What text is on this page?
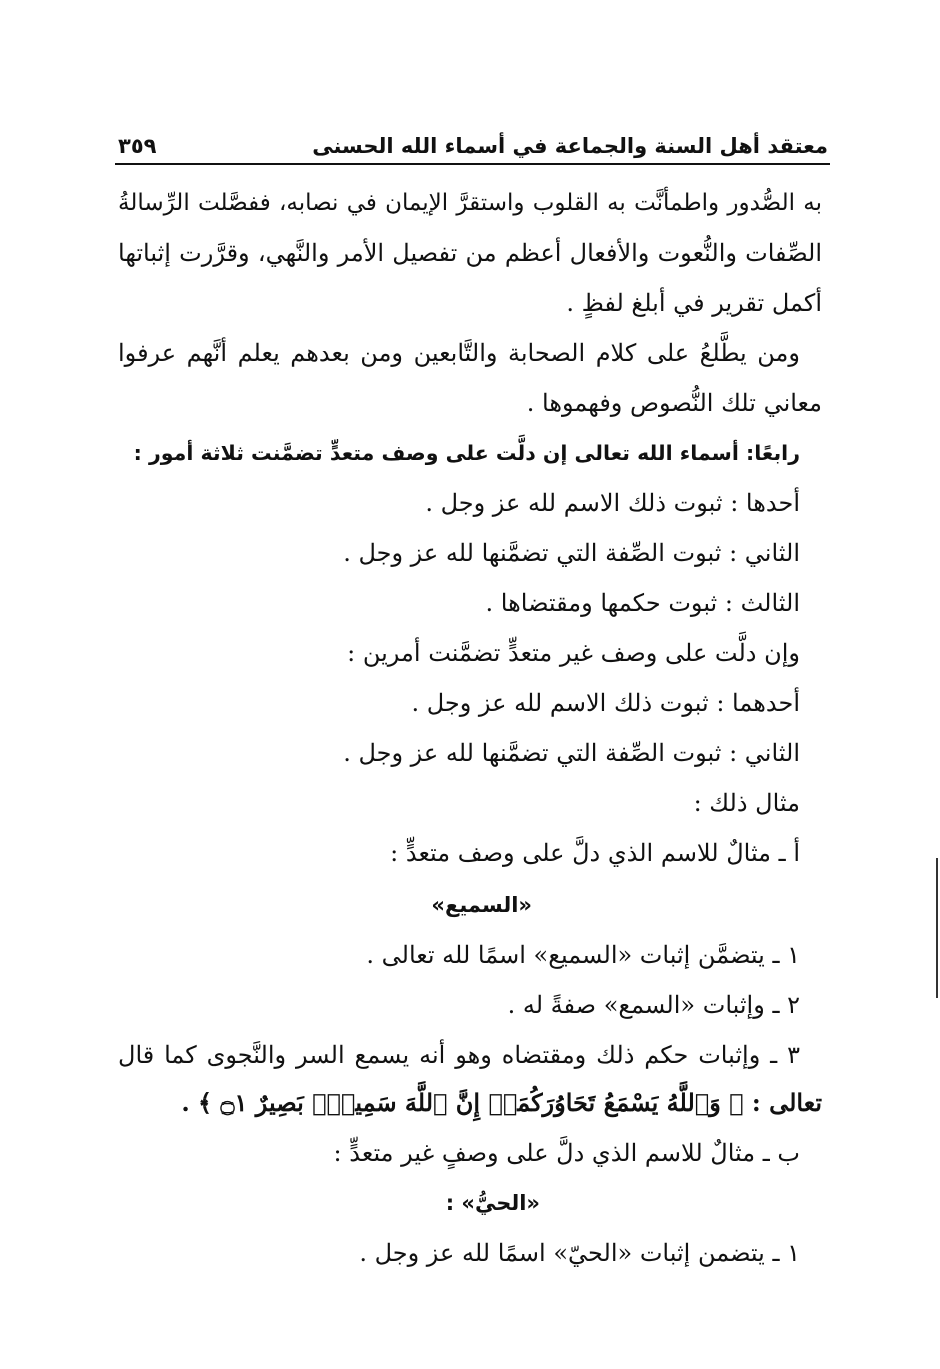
معتقد أهل السنة والجماعة في أسماء الله الحسنى
٣٥٩
به الصُّدور واطمأنَّت به القلوب واستقرَّ الإيمان في نصابه، ففصَّلت الرِّسالةُ
الصِّفات والنُّعوت والأفعال أعظم من تفصيل الأمر والنَّهي، وقرَّرت إثباتها
أكمل تقرير في أبلغ لفظٍ .
ومن يطَّلعُ على كلام الصحابة والتَّابعين ومن بعدهم يعلم أنَّهم عرفوا
معاني تلك النُّصوص وفهموها .
رابعًا: أسماء الله تعالى إن دلَّت على وصف متعدٍّ تضمَّنت ثلاثة أمور :
أحدها : ثبوت ذلك الاسم لله عز وجل .
الثاني : ثبوت الصِّفة التي تضمَّنها لله عز وجل .
الثالث : ثبوت حكمها ومقتضاها .
وإن دلَّت على وصف غير متعدٍّ تضمَّنت أمرين :
أحدهما : ثبوت ذلك الاسم لله عز وجل .
الثاني : ثبوت الصِّفة التي تضمَّنها لله عز وجل .
مثال ذلك :
أ ـ مثالٌ للاسم الذي دلَّ على وصف متعدٍّ :
«السميع»
١ ـ يتضمَّن إثبات «السميع» اسمًا لله تعالى .
٢ ـ وإثبات «السمع» صفةً له .
٣ ـ وإثبات حكم ذلك ومقتضاه وهو أنه يسمع السر والنَّجوى كما قال
تعالى : ﴿ وَٱللَّهُ يَسْمَعُ تَحَاوُرَكُمَآۚ إِنَّ ٱللَّهَ سَمِيعُۢ بَصِيرٌ ۝١ ﴾ .
ب ـ مثالٌ للاسم الذي دلَّ على وصفٍ غير متعدٍّ :
«الحيُّ» :
١ ـ يتضمن إثبات «الحيّ» اسمًا لله عز وجل .
